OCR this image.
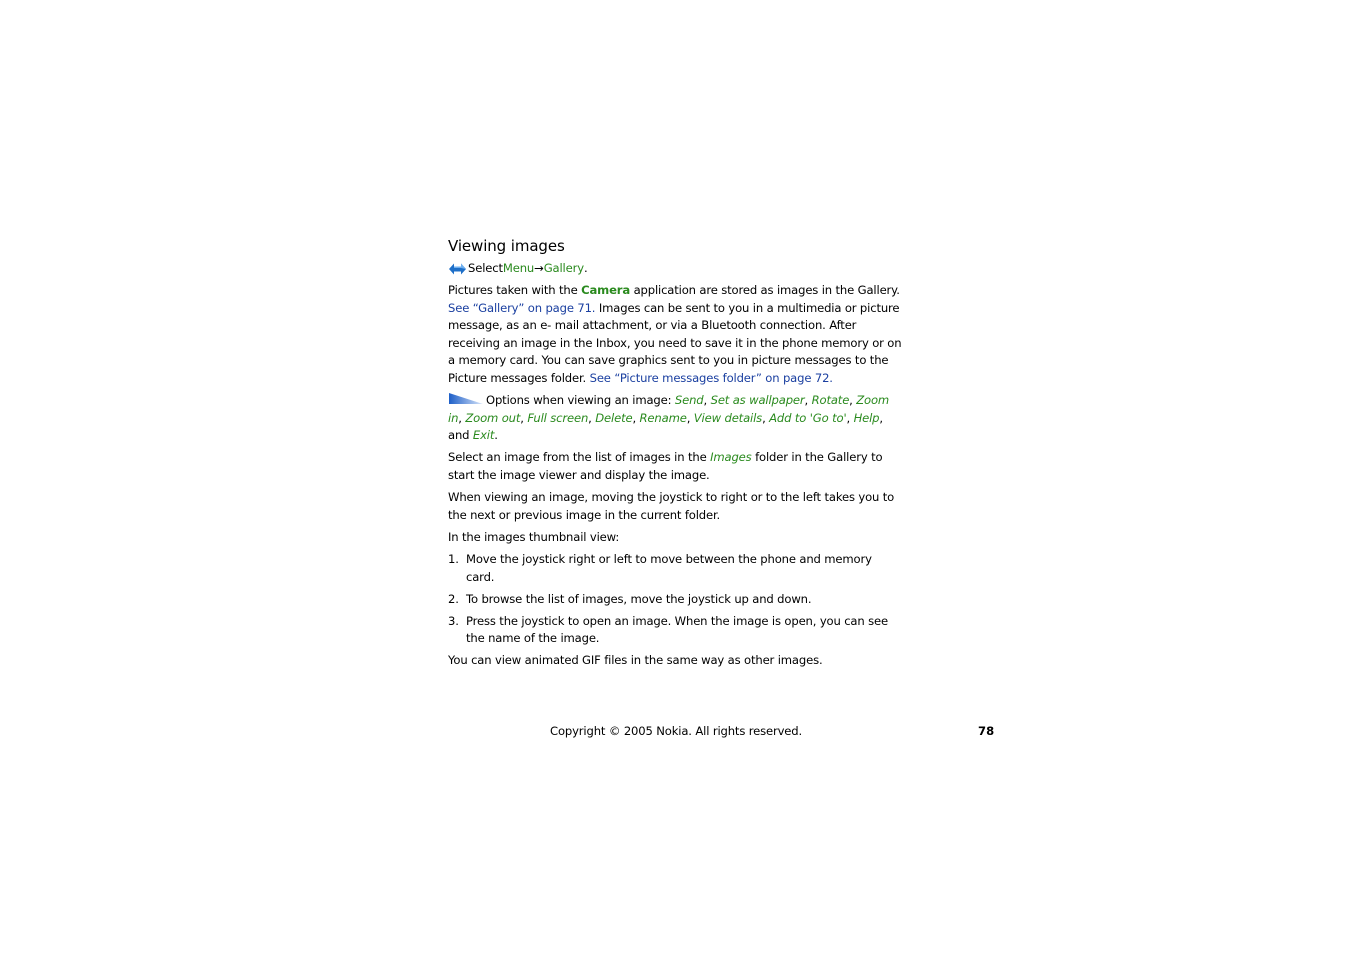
Viewing images

Select Menu → Gallery .

Pictures taken with the Camera application are stored as images in the Gallery. See “Gallery” on page 71. Images can be sent to you in a multimedia or picture message, as an e- mail attachment, or via a Bluetooth connection. After receiving an image in the Inbox, you need to save it in the phone memory or on a memory card. You can save graphics sent to you in picture messages to the Picture messages folder. See “Picture messages folder” on page 72.

Options when viewing an image: Send, Set as wallpaper, Rotate, Zoom in, Zoom out, Full screen, Delete, Rename, View details, Add to 'Go to', Help, and Exit.

Select an image from the list of images in the Images folder in the Gallery to start the image viewer and display the image.

When viewing an image, moving the joystick to right or to the left takes you to the next or previous image in the current folder.

In the images thumbnail view:

1. Move the joystick right or left to move between the phone and memory card.
2. To browse the list of images, move the joystick up and down.
3. Press the joystick to open an image. When the image is open, you can see the name of the image.

You can view animated GIF files in the same way as other images.

Copyright © 2005 Nokia. All rights reserved.	78
